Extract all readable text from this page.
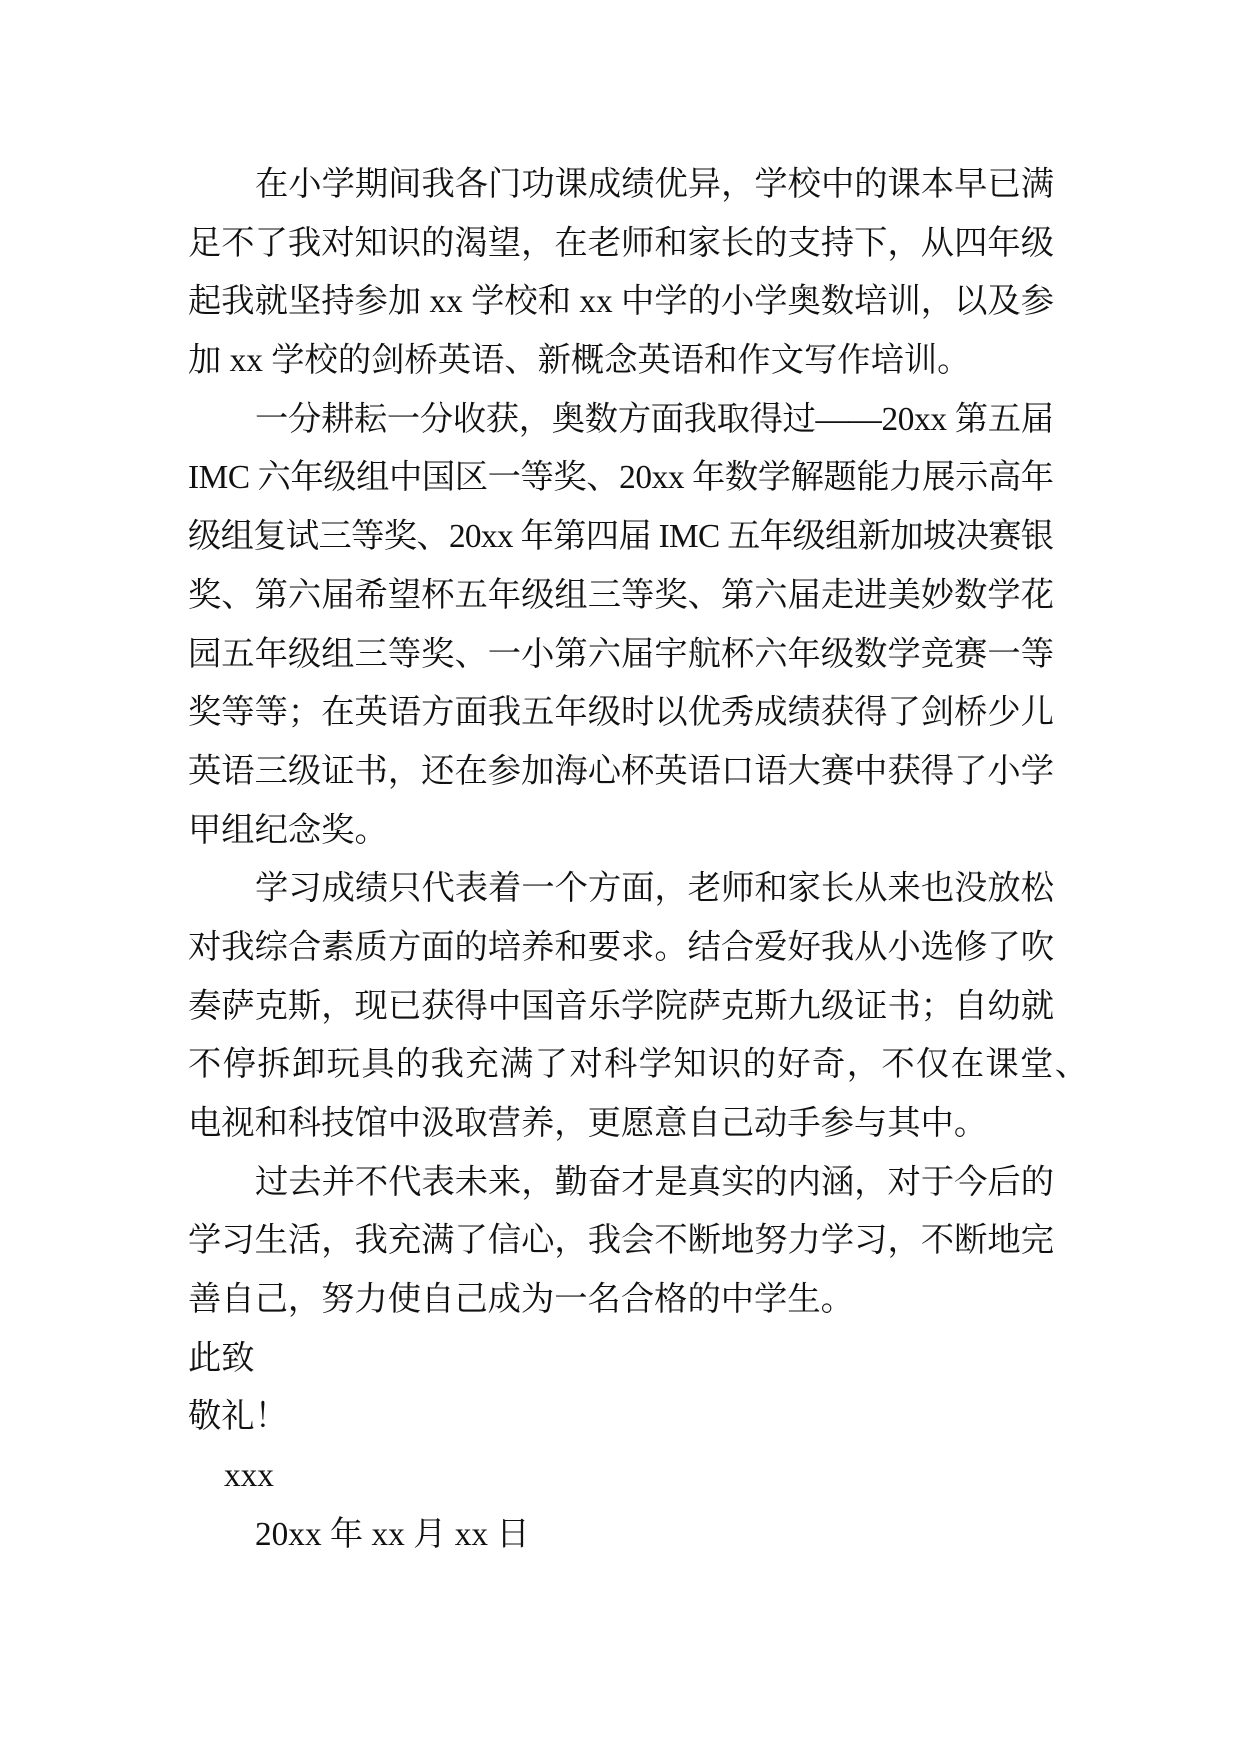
在小学期间我各门功课成绩优异，学校中的课本早已满
足不了我对知识的渴望，在老师和家长的支持下，从四年级
起我就坚持参加 xx 学校和 xx 中学的小学奥数培训，以及参
加 xx 学校的剑桥英语、新概念英语和作文写作培训。
一分耕耘一分收获，奥数方面我取得过——20xx 第五届
IMC 六年级组中国区一等奖、20xx 年数学解题能力展示高年
级组复试三等奖、20xx 年第四届 IMC 五年级组新加坡决赛银
奖、第六届希望杯五年级组三等奖、第六届走进美妙数学花
园五年级组三等奖、一小第六届宇航杯六年级数学竞赛一等
奖等等；在英语方面我五年级时以优秀成绩获得了剑桥少儿
英语三级证书，还在参加海心杯英语口语大赛中获得了小学
甲组纪念奖。
学习成绩只代表着一个方面，老师和家长从来也没放松
对我综合素质方面的培养和要求。结合爱好我从小选修了吹
奏萨克斯，现已获得中国音乐学院萨克斯九级证书；自幼就
不停拆卸玩具的我充满了对科学知识的好奇，不仅在课堂、
电视和科技馆中汲取营养，更愿意自己动手参与其中。
过去并不代表未来，勤奋才是真实的内涵，对于今后的
学习生活，我充满了信心，我会不断地努力学习，不断地完
善自己，努力使自己成为一名合格的中学生。
此致
敬礼！
xxx
20xx 年 xx 月 xx 日
